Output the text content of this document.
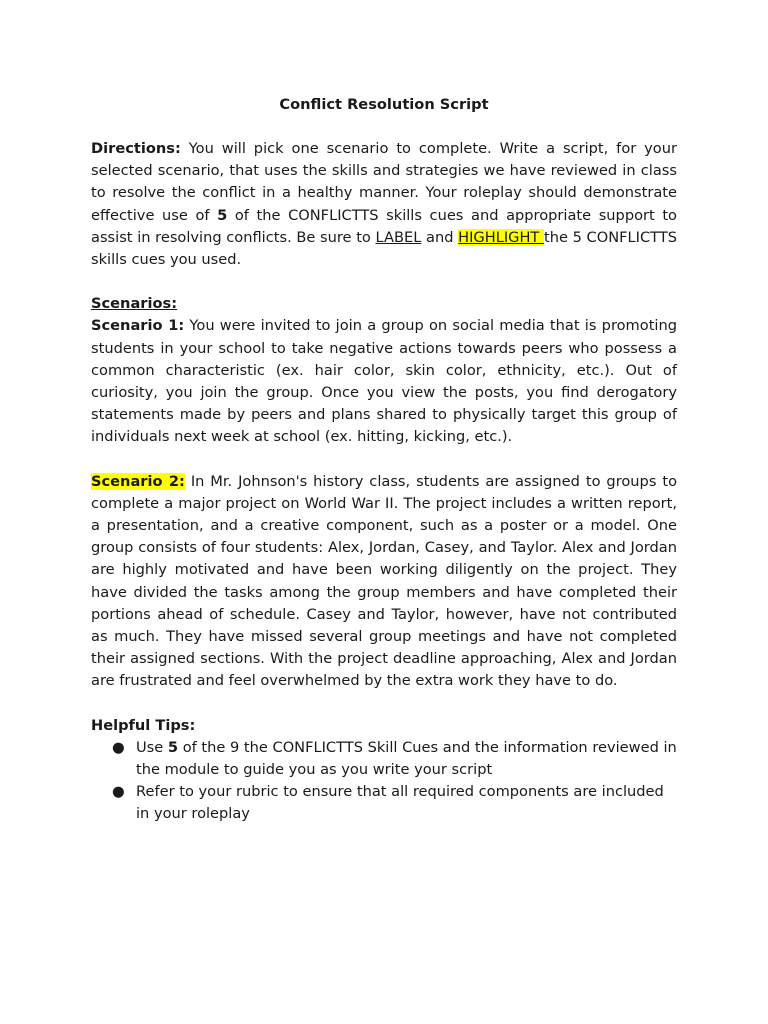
Conflict Resolution Script

Directions: You will pick one scenario to complete. Write a script, for your selected scenario, that uses the skills and strategies we have reviewed in class to resolve the conflict in a healthy manner. Your roleplay should demonstrate effective use of 5 of the CONFLICTTS skills cues and appropriate support to assist in resolving conflicts. Be sure to LABEL and HIGHLIGHT the 5 CONFLICTTS skills cues you used.

Scenarios:

Scenario 1: You were invited to join a group on social media that is promoting students in your school to take negative actions towards peers who possess a common characteristic (ex. hair color, skin color, ethnicity, etc.). Out of curiosity, you join the group. Once you view the posts, you find derogatory statements made by peers and plans shared to physically target this group of individuals next week at school (ex. hitting, kicking, etc.).

Scenario 2: In Mr. Johnson's history class, students are assigned to groups to complete a major project on World War II. The project includes a written report, a presentation, and a creative component, such as a poster or a model. One group consists of four students: Alex, Jordan, Casey, and Taylor. Alex and Jordan are highly motivated and have been working diligently on the project. They have divided the tasks among the group members and have completed their portions ahead of schedule. Casey and Taylor, however, have not contributed as much. They have missed several group meetings and have not completed their assigned sections. With the project deadline approaching, Alex and Jordan are frustrated and feel overwhelmed by the extra work they have to do.

Helpful Tips:

● Use 5 of the 9 the CONFLICTTS Skill Cues and the information reviewed in the module to guide you as you write your script
● Refer to your rubric to ensure that all required components are included in your roleplay
